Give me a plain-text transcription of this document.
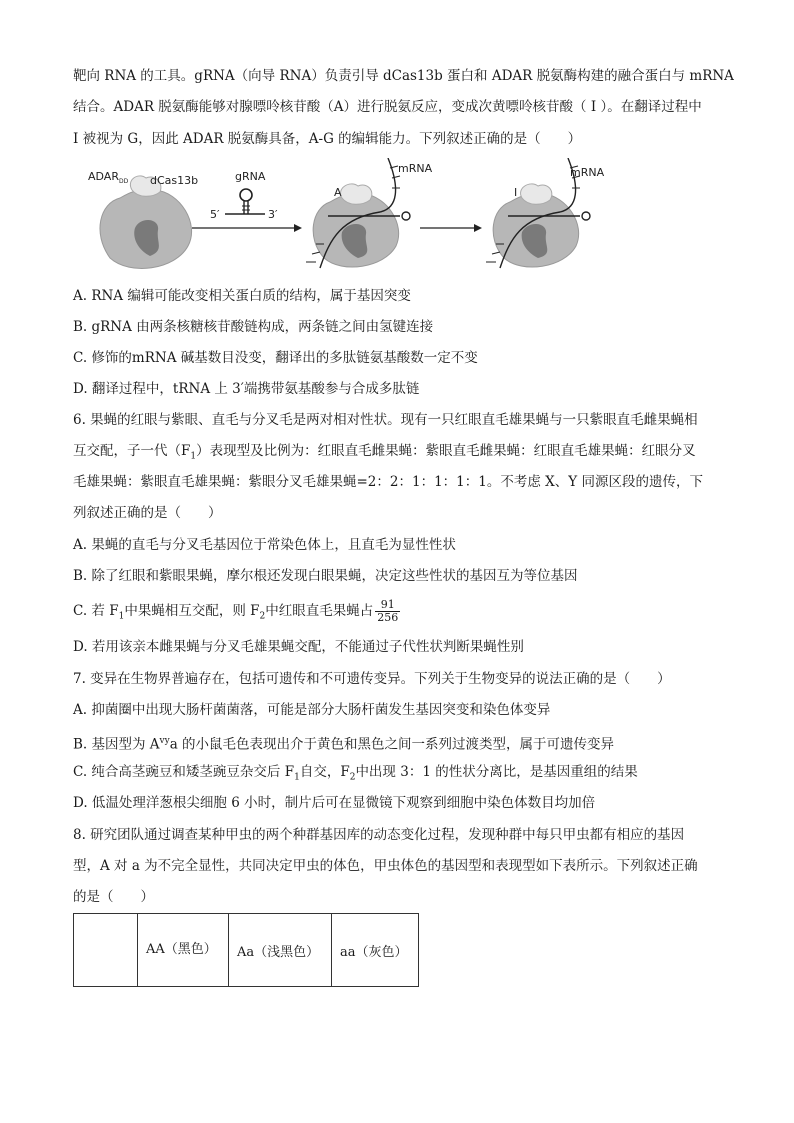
靶向 RNA 的工具。gRNA（向导 RNA）负责引导 dCas13b 蛋白和 ADAR 脱氨酶构建的融合蛋白与 mRNA
结合。ADAR 脱氨酶能够对腺嘌呤核苷酸（A）进行脱氨反应，变成次黄嘌呤核苷酸（ I ）。在翻译过程中
I 被视为 G，因此 ADAR 脱氨酶具备，A-G 的编辑能力。下列叙述正确的是（　　）
$ADAR_{DD}$ dCas13b	gRNA
5′	3′
A
mRNA
I
mRNA
A. RNA 编辑可能改变相关蛋白质的结构，属于基因突变
B. gRNA 由两条核糖核苷酸链构成，两条链之间由氢键连接
C. 修饰的mRNA 碱基数目没变，翻译出的多肽链氨基酸数一定不变
D. 翻译过程中，tRNA 上 3′端携带氨基酸参与合成多肽链
6. 果蝇的红眼与紫眼、直毛与分叉毛是两对相对性状。现有一只红眼直毛雄果蝇与一只紫眼直毛雌果蝇相
互交配，子一代$(F_1)$表现型及比例为：红眼直毛雌果蝇：紫眼直毛雌果蝇：红眼直毛雄果蝇：红眼分叉
毛雄果蝇：紫眼直毛雄果蝇：紫眼分叉毛雄果蝇=2：2：1：1：1：1。不考虑 X、Y 同源区段的遗传，下
列叙述正确的是（　　）
A. 果蝇的直毛与分叉毛基因位于常染色体上，且直毛为显性性状
B. 除了红眼和紫眼果蝇，摩尔根还发现白眼果蝇，决定这些性状的基因互为等位基因
C. 若 $F_1$中果蝇相互交配，则 $F_2$中红眼直毛果蝇占 $\frac{91}{256}$
D. 若用该亲本雌果蝇与分叉毛雄果蝇交配，不能通过子代性状判断果蝇性别
7. 变异在生物界普遍存在，包括可遗传和不可遗传变异。下列关于生物变异的说法正确的是（　　）
A. 抑菌圈中出现大肠杆菌菌落，可能是部分大肠杆菌发生基因突变和染色体变异
B. 基因型为 $A^{vy}a$ 的小鼠毛色表现出介于黄色和黑色之间一系列过渡类型，属于可遗传变异
C. 纯合高茎豌豆和矮茎豌豆杂交后 $F_1$自交，$F_2$中出现 3：1 的性状分离比，是基因重组的结果
D. 低温处理洋葱根尖细胞 6 小时，制片后可在显微镜下观察到细胞中染色体数目均加倍
8. 研究团队通过调查某种甲虫的两个种群基因库的动态变化过程，发现种群中每只甲虫都有相应的基因
型，A 对 a 为不完全显性，共同决定甲虫的体色，甲虫体色的基因型和表现型如下表所示。下列叙述正确
的是（　　）
	AA（黑色）	Aa（浅黑色）	aa（灰色）
